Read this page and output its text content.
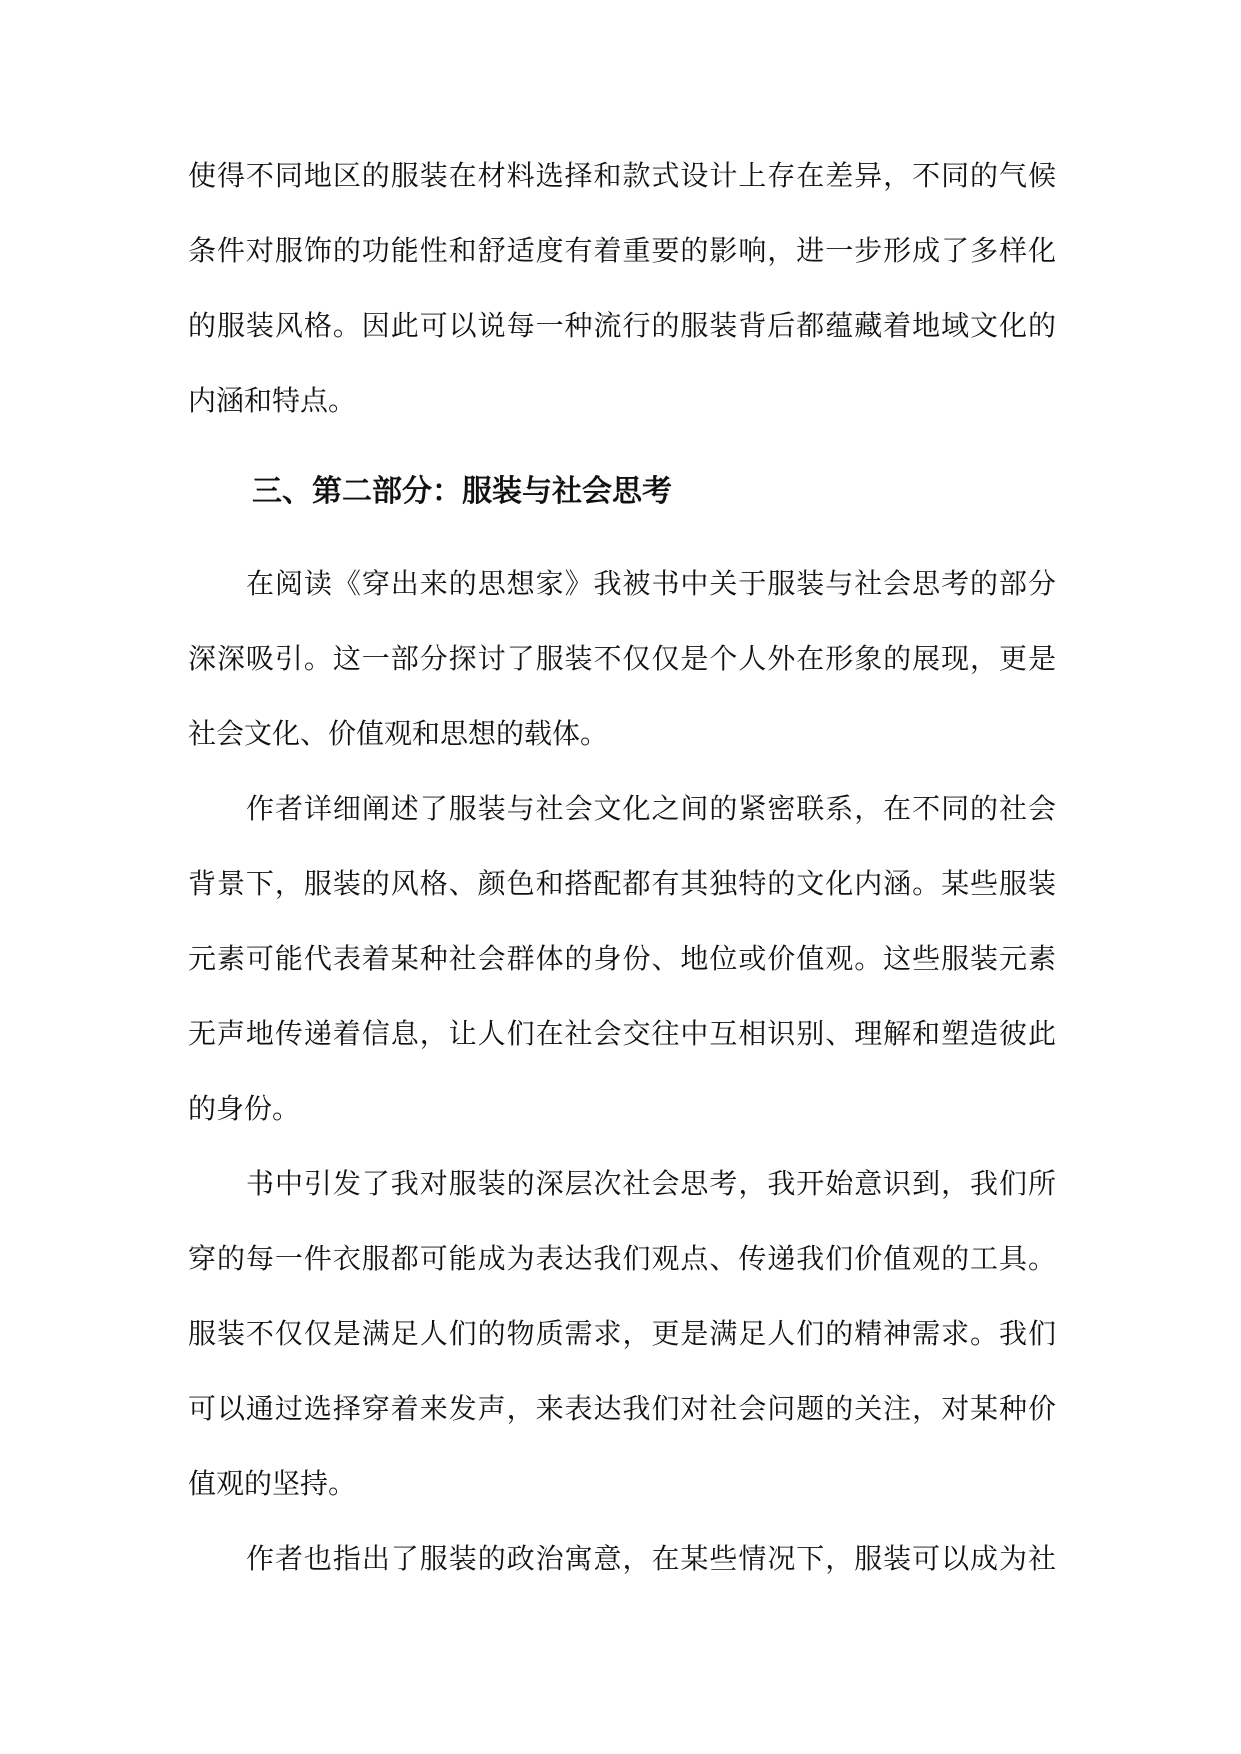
使得不同地区的服装在材料选择和款式设计上存在差异，不同的气候
条件对服饰的功能性和舒适度有着重要的影响，进一步形成了多样化
的服装风格。因此可以说每一种流行的服装背后都蕴藏着地域文化的
内涵和特点。
三、第二部分：服装与社会思考
在阅读《穿出来的思想家》我被书中关于服装与社会思考的部分
深深吸引。这一部分探讨了服装不仅仅是个人外在形象的展现，更是
社会文化、价值观和思想的载体。
作者详细阐述了服装与社会文化之间的紧密联系，在不同的社会
背景下，服装的风格、颜色和搭配都有其独特的文化内涵。某些服装
元素可能代表着某种社会群体的身份、地位或价值观。这些服装元素
无声地传递着信息，让人们在社会交往中互相识别、理解和塑造彼此
的身份。
书中引发了我对服装的深层次社会思考，我开始意识到，我们所
穿的每一件衣服都可能成为表达我们观点、传递我们价值观的工具。
服装不仅仅是满足人们的物质需求，更是满足人们的精神需求。我们
可以通过选择穿着来发声，来表达我们对社会问题的关注，对某种价
值观的坚持。
作者也指出了服装的政治寓意，在某些情况下，服装可以成为社
